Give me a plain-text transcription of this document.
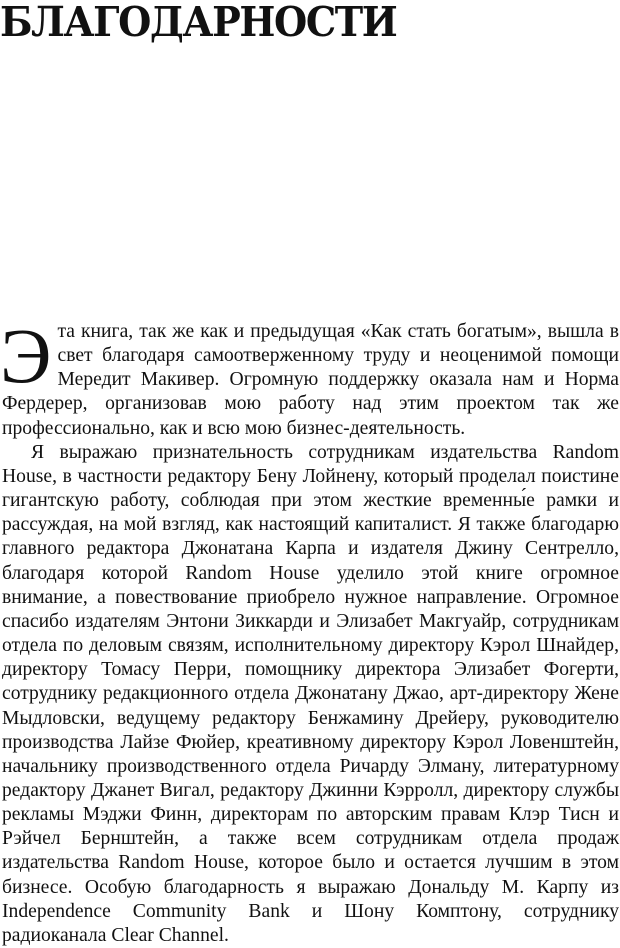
БЛАГОДАРНОСТИ

Эта книга, так же как и предыдущая «Как стать богатым», вышла в свет благодаря самоотверженному труду и неоценимой помощи Мередит Макивер. Огромную поддержку оказала нам и Норма Фердерер, организовав мою работу над этим проектом так же профессионально, как и всю мою бизнес-деятельность.

Я выражаю признательность сотрудникам издательства Random House, в частности редактору Бену Лойнену, который проделал поистине гигантскую работу, соблюдая при этом жесткие временны́е рамки и рассуждая, на мой взгляд, как настоящий капиталист. Я также благодарю главного редактора Джонатана Карпа и издателя Джину Сентрелло, благодаря которой Random House уделило этой книге огромное внимание, а повествование приобрело нужное направление. Огромное спасибо издателям Энтони Зиккарди и Элизабет Макгуайр, сотрудникам отдела по деловым связям, исполнительному директору Кэрол Шнайдер, директору Томасу Перри, помощнику директора Элизабет Фогерти, сотруднику редакционного отдела Джонатану Джао, арт-директору Жене Мыдловски, ведущему редактору Бенжамину Дрейеру, руководителю производства Лайзе Фюйер, креативному директору Кэрол Ловенштейн, начальнику производственного отдела Ричарду Элману, литературному редактору Джанет Вигал, редактору Джинни Кэрролл, директору службы рекламы Мэджи Финн, директорам по авторским правам Клэр Тисн и Рэйчел Бернштейн, а также всем сотрудникам отдела продаж издательства Random House, которое было и остается лучшим в этом бизнесе. Особую благодарность я выражаю Дональду М. Карпу из Independence Community Bank и Шону Комптону, сотруднику радиоканала Clear Channel.
